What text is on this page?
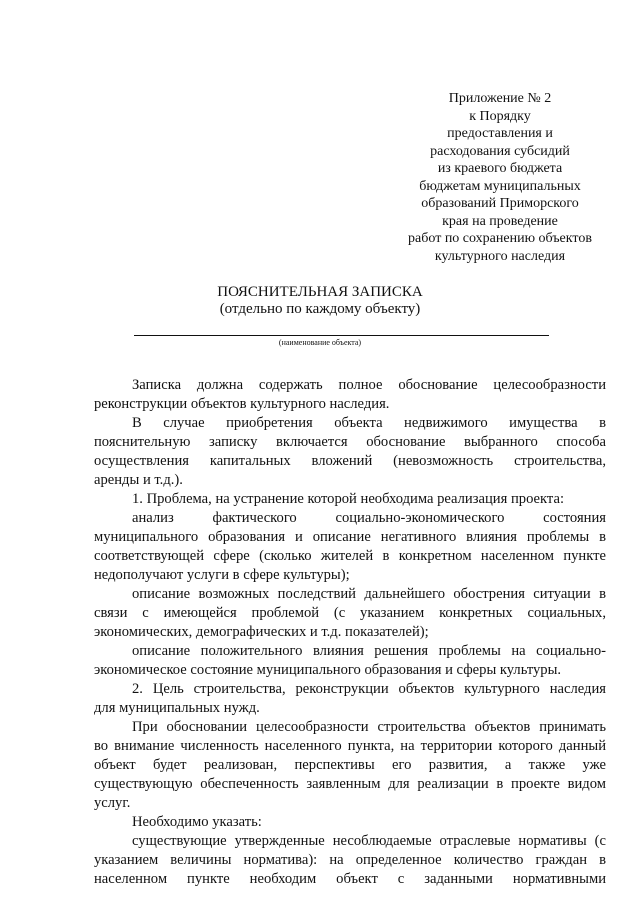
Приложение № 2
к Порядку
предоставления и
расходования субсидий
из краевого бюджета
бюджетам муниципальных
образований Приморского
края на проведение
работ по сохранению объектов
культурного наследия
ПОЯСНИТЕЛЬНАЯ ЗАПИСКА
(отдельно по каждому объекту)
(наименование объекта)
Записка должна содержать полное обоснование целесообразности
реконструкции объектов культурного наследия.
В случае приобретения объекта недвижимого имущества в
пояснительную записку включается обоснование выбранного способа
осуществления капитальных вложений (невозможность строительства,
аренды и т.д.).
1. Проблема, на устранение которой необходима реализация проекта:
анализ фактического социально-экономического состояния
муниципального образования и описание негативного влияния проблемы в
соответствующей сфере (сколько жителей в конкретном населенном пункте
недополучают услуги в сфере культуры);
описание возможных последствий дальнейшего обострения ситуации в
связи с имеющейся проблемой (с указанием конкретных социальных,
экономических, демографических и т.д. показателей);
описание положительного влияния решения проблемы на социально-
экономическое состояние муниципального образования и сферы культуры.
2. Цель строительства, реконструкции объектов культурного наследия
для муниципальных нужд.
При обосновании целесообразности строительства объектов принимать
во внимание численность населенного пункта, на территории которого данный
объект будет реализован, перспективы его развития, а также уже
существующую обеспеченность заявленным для реализации в проекте видом
услуг.
Необходимо указать:
существующие утвержденные несоблюдаемые отраслевые нормативы (с
указанием величины норматива): на определенное количество граждан в
населенном пункте необходим объект с заданными нормативными
